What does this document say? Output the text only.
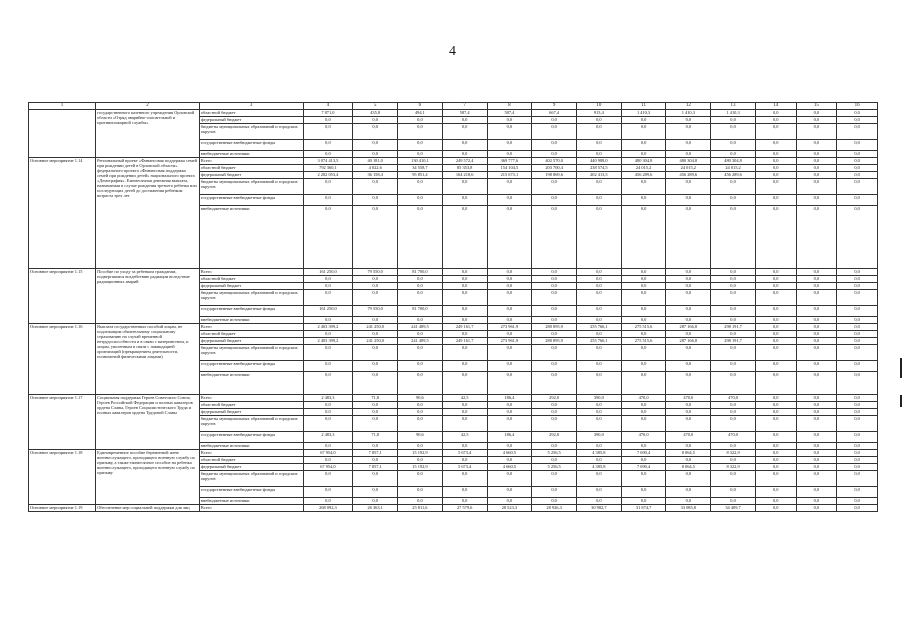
4
1	2	3	4	5	6	7	8	9	10	11	12	13	14	15	16
	государственного казенного учреждения Орловской области «Отряд аварийно-спасательной и противопожарной службы»	областной бюджет	7 871,0	435,8	494,1	587,4	587,4	667,4	913,4	1 410,3	1 410,3	1 410,3	0,0	0,0	0,0
		федеральный бюджет	0,0	0,0	0,0	0,0	0,0	0,0	0,0	0,0	0,0	0,0	0,0	0,0	0,0
		бюджеты муниципальных образований и городских округов	0,0	0,0	0,0	0,0	0,0	0,0	0,0	0,0	0,0	0,0	0,0	0,0	0,0
		государственные внебюджетные фонды	0,0	0,0	0,0	0,0	0,0	0,0	0,0	0,0	0,0	0,0	0,0	0,0	0,0
		внебюджетные источники	0,0	0,0	0,0	0,0	0,0	0,0	0,0	0,0	0,0	0,0	0,0	0,0	0,0
Основное мероприятие 1.14	Региональный проект «Финансовая поддержка семей при рождении детей в Орловской области» федерального проекта «Финансовая поддержка семей при рождении детей» национального проекта «Демография». Ежемесячная денежная выплата, назначаемая в случае рождения третьего ребенка или последующих детей до достижения ребенком возраста трех лет	Всего	3 074 413,5	40 181,0	130 410,1	249 572,4	369 777,6	402 570,0	440 988,0	480 304,8	480 304,8	480 304,8	0,0	0,0	0,0
		областной бюджет	792 360,1	4 022,6	34 558,7	85 353,8	154 104,5	203 700,4	238 574,5	24 015,2	24 015,2	24 015,2	0,0	0,0	0,0
		федеральный бюджет	2 282 053,4	36 158,4	95 851,4	164 218,6	215 673,1	198 869,6	202 413,5	456 289,6	456 289,6	456 289,6	0,0	0,0	0,0
		бюджеты муниципальных образований и городских округов	0,0	0,0	0,0	0,0	0,0	0,0	0,0	0,0	0,0	0,0	0,0	0,0	0,0
		государственные внебюджетные фонды	0,0	0,0	0,0	0,0	0,0	0,0	0,0	0,0	0,0	0,0	0,0	0,0	0,0
		внебюджетные источники	0,0	0,0	0,0	0,0	0,0	0,0	0,0	0,0	0,0	0,0	0,0	0,0	0,0
Основное мероприятие 1.15	Пособие по уходу за ребенком гражданам, подвергшимся воздействию радиации вследствие радиационных аварий	Всего	161 250,0	79 550,0	81 700,0	0,0	0,0	0,0	0,0	0,0	0,0	0,0	0,0	0,0	0,0
		областной бюджет	0,0	0,0	0,0	0,0	0,0	0,0	0,0	0,0	0,0	0,0	0,0	0,0	0,0
		федеральный бюджет	0,0	0,0	0,0	0,0	0,0	0,0	0,0	0,0	0,0	0,0	0,0	0,0	0,0
		бюджеты муниципальных образований и городских округов	0,0	0,0	0,0	0,0	0,0	0,0	0,0	0,0	0,0	0,0	0,0	0,0	0,0
		государственные внебюджетные фонды	161 250,0	79 550,0	81 700,0	0,0	0,0	0,0	0,0	0,0	0,0	0,0	0,0	0,0	0,0
		внебюджетные источники	0,0	0,0	0,0	0,0	0,0	0,0	0,0	0,0	0,0	0,0	0,0	0,0	0,0
Основное мероприятие 1.16	Выплата государственных пособий лицам, не подлежащим обязательному социальному страхованию на случай временной нетрудоспособности и в связи с материнством, и лицам, уволенным в связи с ликвидацией организаций (прекращением деятельности, полномочий физическими лицами)	Всего	2 403 399,2	241 250,0	241 489,5	249 161,7	273 961,9	280 895,9	255 766,1	275 515,6	287 166,8	298 191,7	0,0	0,0	0,0
		областной бюджет	0,0	0,0	0,0	0,0	0,0	0,0	0,0	0,0	0,0	0,0	0,0	0,0	0,0
		федеральный бюджет	2 403 399,2	241 250,0	241 489,5	249 161,7	273 961,9	280 895,9	255 766,1	275 515,6	287 166,8	298 191,7	0,0	0,0	0,0
		бюджеты муниципальных образований и городских округов	0,0	0,0	0,0	0,0	0,0	0,0	0,0	0,0	0,0	0,0	0,0	0,0	0,0
		государственные внебюджетные фонды	0,0	0,0	0,0	0,0	0,0	0,0	0,0	0,0	0,0	0,0	0,0	0,0	0,0
		внебюджетные источники	0,0	0,0	0,0	0,0	0,0	0,0	0,0	0,0	0,0	0,0	0,0	0,0	0,0
Основное мероприятие 1.17	Социальная поддержка Героев Советского Союза, Героев Российской Федерации и полных кавалеров ордена Славы, Героев Социалистического Труда и полных кавалеров ордена Трудовой Славы	Всего	2 483,3	71,8	90,6	42,5	186,4	292,0	390,0	470,0	470,0	470,0	0,0	0,0	0,0
		областной бюджет	0,0	0,0	0,0	0,0	0,0	0,0	0,0	0,0	0,0	0,0	0,0	0,0	0,0
		федеральный бюджет	0,0	0,0	0,0	0,0	0,0	0,0	0,0	0,0	0,0	0,0	0,0	0,0	0,0
		бюджеты муниципальных образований и городских округов	0,0	0,0	0,0	0,0	0,0	0,0	0,0	0,0	0,0	0,0	0,0	0,0	0,0
		государственные внебюджетные фонды	2 483,3	71,8	90,6	42,5	186,4	292,0	390,0	470,0	470,0	470,0	0,0	0,0	0,0
		внебюджетные источники	0,0	0,0	0,0	0,0	0,0	0,0	0,0	0,0	0,0	0,0	0,0	0,0	0,0
Основное мероприятие 1.18	Единовременное пособие беременной жене военнослужащего, проходящего военную службу по призыву, а также ежемесячное пособие на ребенка военнослужащего, проходящего военную службу по призыву	Всего	67 954,0	7 857,1	15 192,9	5 673,4	4 660,5	5 256,5	4 385,8	7 690,4	8 064,5	8 322,9	0,0	0,0	0,0
		областной бюджет	0,0	0,0	0,0	0,0	0,0	0,0	0,0	0,0	0,0	0,0	0,0	0,0	0,0
		федеральный бюджет	67 954,0	7 857,1	15 192,9	5 673,4	4 660,5	5 256,5	4 385,8	7 690,4	8 064,5	8 322,9	0,0	0,0	0,0
		бюджеты муниципальных образований и городских округов	0,0	0,0	0,0	0,0	0,0	0,0	0,0	0,0	0,0	0,0	0,0	0,0	0,0
		государственные внебюджетные фонды	0,0	0,0	0,0	0,0	0,0	0,0	0,0	0,0	0,0	0,0	0,0	0,0	0,0
		внебюджетные источники	0,0	0,0	0,0	0,0	0,0	0,0	0,0	0,0	0,0	0,0	0,0	0,0	0,0
Основное мероприятие 1.19	Обеспечение мер социальной поддержки для лиц	Всего	268 092,3	26 363,1	25 811,6	27 579,6	28 523,3	28 926,3	30 982,7	31 874,7	33 085,8	34 409,7	0,0	0,0	0,0
